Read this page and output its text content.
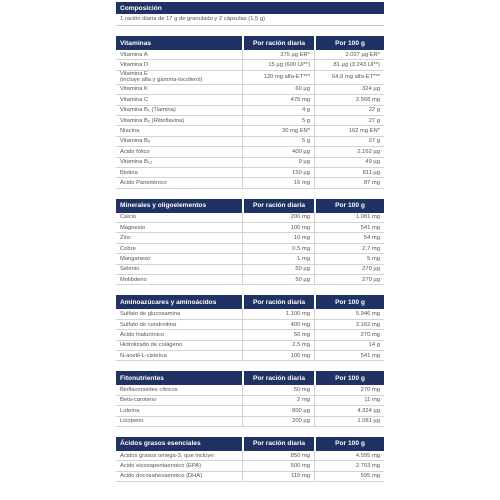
Composición
1 ración diaria de 17 g de granulado y 2 cápsulas (1,5 g)
Vitaminas	Por ración diaria	Por 100 g
Vitamina A	375 µg ER*	2.027 µg ER*
Vitamina D	15 µg (600 UI**)	81 µg (3.243 UI**)
Vitamina E
(incluye alfa y gamma-tocoferol)	120 mg alfa-ET***	64,9 mg alfa-ET***
Vitamina K	60 µg	324 µg
Vitamina C	475 mg	2.568 mg
Vitamina B₁ (Tiamina)	4 g	22 g
Vitamina B₂ (Riboflavina)	5 g	27 g
Niacina	30 mg EN*	162 mg EN*
Vitamina B₆	5 g	27 g
Ácido fólico	400 µg	2.162 µg
Vitamina B₁₂	9 µg	49 µg
Biotina	150 µg	811 µg
Ácido Pantoténico	16 mg	87 mg
Minerales y oligoelementos	Por ración diaria	Por 100 g
Calcio	200 mg	1.081 mg
Magnesio	100 mg	541 mg
Zinc	10 mg	54 mg
Cobre	0,5 mg	2,7 mg
Manganeso	1 mg	5 mg
Selenio	50 µg	270 µg
Molibdeno	50 µg	270 µg
Aminoazúcares y aminoácidos	Por ración diaria	Por 100 g
Sulfato de glucosamina	1.100 mg	5.946 mg
Sulfato de condroitina	400 mg	2.162 mg
Ácido hialurónico	50 mg	270 mg
Hidrolizado de colágeno	2,5 mg	14 g
N-acetil-L-cisteína	100 mg	541 mg
Fitonutrientes	Por ración diaria	Por 100 g
Bioflavonoides cítricos	50 mg	270 mg
Beta-caroteno	2 mg	11 mg
Luteína	800 µg	4.324 µg
Licopeno	200 µg	1.081 µg
Ácidos grasos esenciales	Por ración diaria	Por 100 g
Ácidos grasos omega-3, que incluye:	850 mg	4.595 mg
Ácido eicosapentaenoico (EPA)	500 mg	2.703 mg
Ácido docosahexaenoico (DHA)	110 mg	595 mg
